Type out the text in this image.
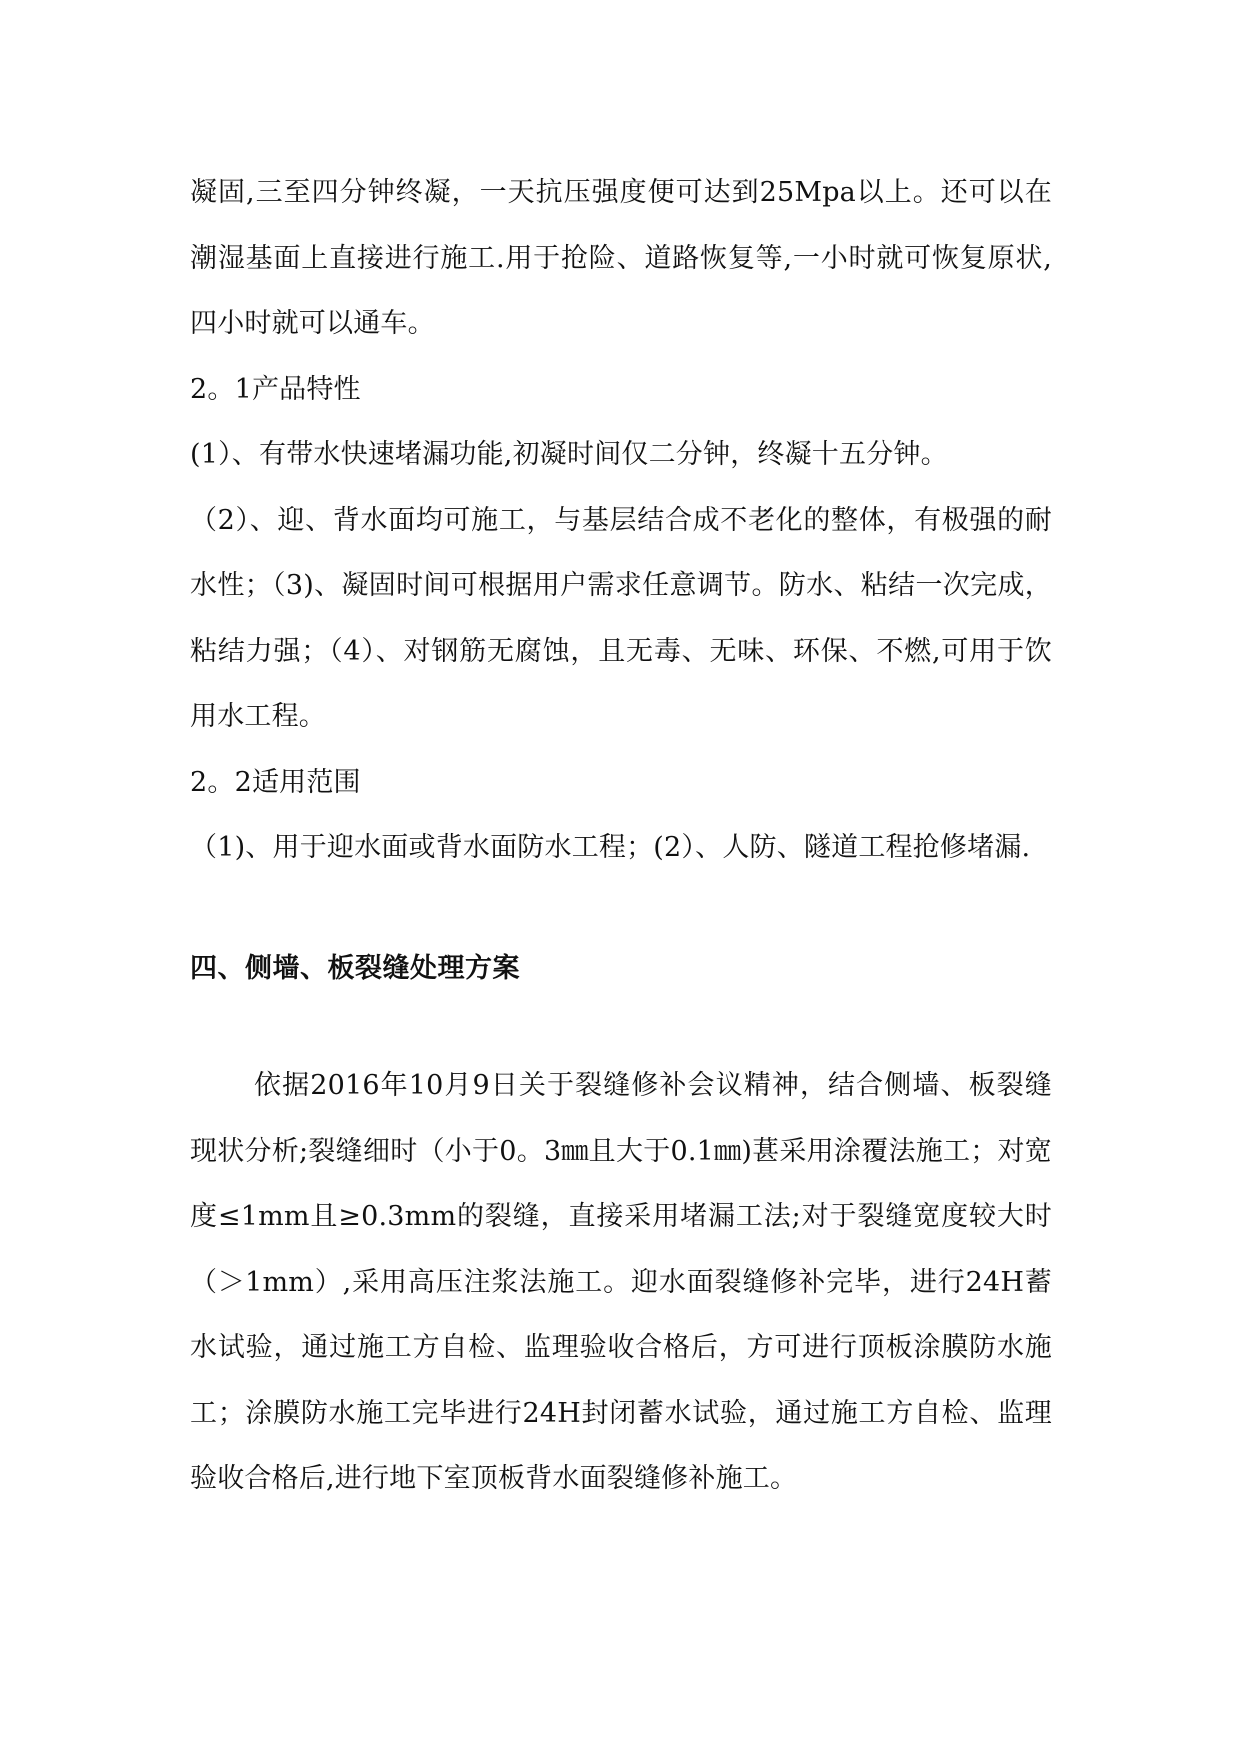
凝固,三至四分钟终凝，一天抗压强度便可达到25Mpa以上。还可以在潮湿基面上直接进行施工.用于抢险、道路恢复等,一小时就可恢复原状,四小时就可以通车。

2。1产品特性

(1）、有带水快速堵漏功能,初凝时间仅二分钟，终凝十五分钟。

（2）、迎、背水面均可施工，与基层结合成不老化的整体，有极强的耐水性；（3)、凝固时间可根据用户需求任意调节。防水、粘结一次完成，粘结力强；（4）、对钢筋无腐蚀，且无毒、无味、环保、不燃,可用于饮用水工程。

2。2适用范围

（1)、用于迎水面或背水面防水工程；(2）、人防、隧道工程抢修堵漏.

四、侧墙、板裂缝处理方案

依据2016年10月9日关于裂缝修补会议精神，结合侧墙、板裂缝现状分析;裂缝细时（小于0。3㎜且大于0.1㎜)葚采用涂覆法施工；对宽度≤1mm且≥0.3mm的裂缝，直接采用堵漏工法;对于裂缝宽度较大时（＞1mm）,采用高压注浆法施工。迎水面裂缝修补完毕，进行24H蓄水试验，通过施工方自检、监理验收合格后，方可进行顶板涂膜防水施工；涂膜防水施工完毕进行24H封闭蓄水试验，通过施工方自检、监理验收合格后,进行地下室顶板背水面裂缝修补施工。
